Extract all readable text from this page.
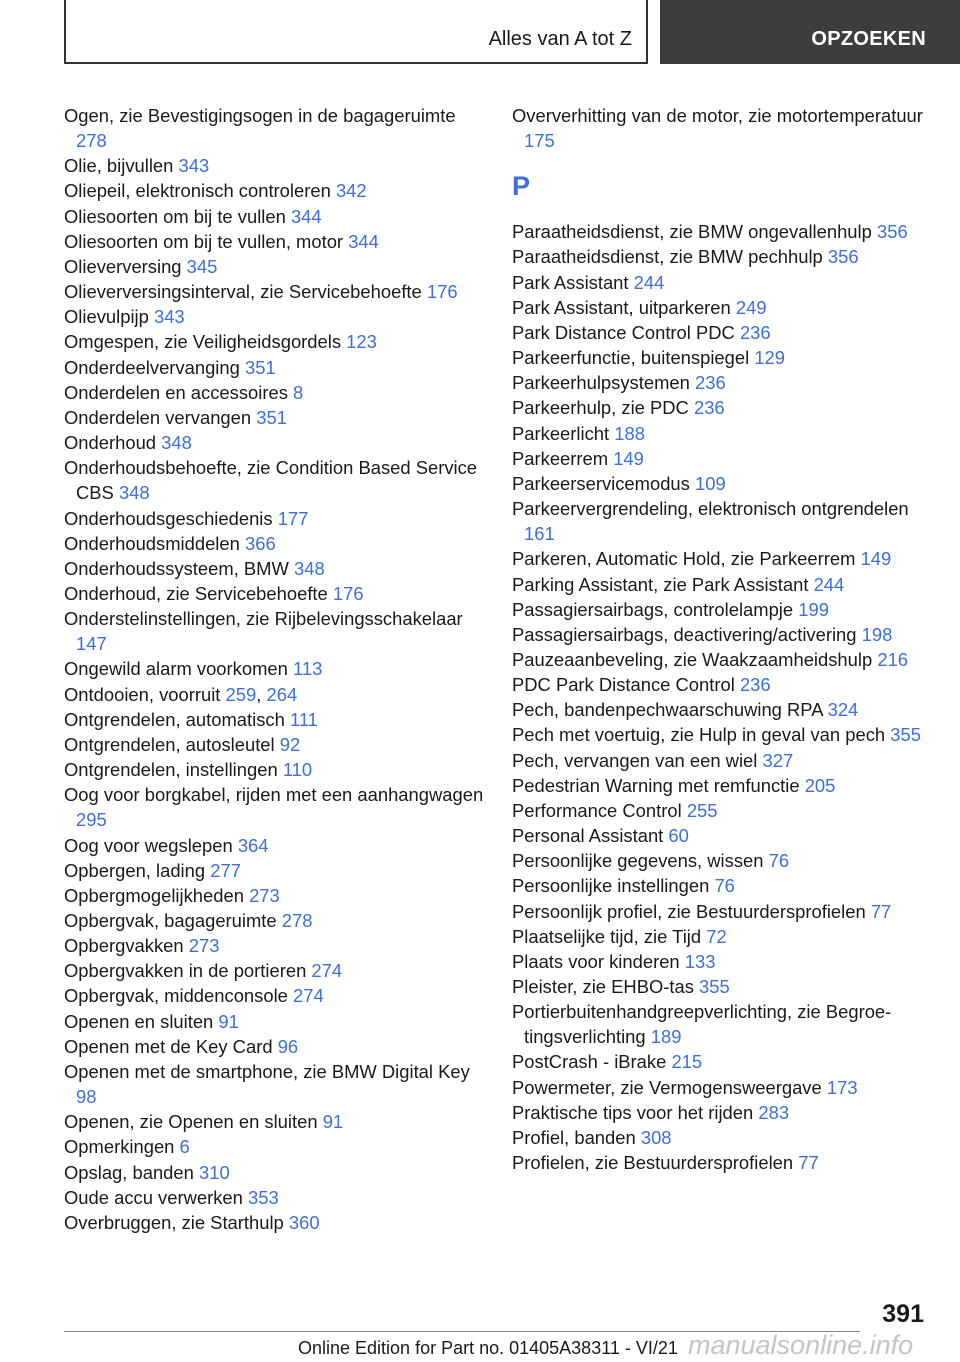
Alles van A tot Z	OPZOEKEN
Ogen, zie Bevestigingsogen in de bagageruimte 278
Olie, bijvullen 343
Oliepeil, elektronisch controleren 342
Oliesoorten om bij te vullen 344
Oliesoorten om bij te vullen, motor 344
Olieverversing 345
Olieverversingsinterval, zie Servicebehoefte 176
Olievulpijp 343
Omgespen, zie Veiligheidsgordels 123
Onderdeelvervanging 351
Onderdelen en accessoires 8
Onderdelen vervangen 351
Onderhoud 348
Onderhoudsbehoefte, zie Condition Based Service CBS 348
Onderhoudsgeschiedenis 177
Onderhoudsmiddelen 366
Onderhoudssysteem, BMW 348
Onderhoud, zie Servicebehoefte 176
Onderstelinstellingen, zie Rijbelevingsschakelaar 147
Ongewild alarm voorkomen 113
Ontdooien, voorruit 259, 264
Ontgrendelen, automatisch 111
Ontgrendelen, autosleutel 92
Ontgrendelen, instellingen 110
Oog voor borgkabel, rijden met een aanhangwagen 295
Oog voor wegslepen 364
Opbergen, lading 277
Opbergmogelijkheden 273
Opbergvak, bagageruimte 278
Opbergvakken 273
Opbergvakken in de portieren 274
Opbergvak, middenconsole 274
Openen en sluiten 91
Openen met de Key Card 96
Openen met de smartphone, zie BMW Digital Key 98
Openen, zie Openen en sluiten 91
Opmerkingen 6
Opslag, banden 310
Oude accu verwerken 353
Overbruggen, zie Starthulp 360
Oververhitting van de motor, zie motortemperatuur 175
P
Paraatheidsdienst, zie BMW ongevallenhulp 356
Paraatheidsdienst, zie BMW pechhulp 356
Park Assistant 244
Park Assistant, uitparkeren 249
Park Distance Control PDC 236
Parkeerfunctie, buitenspiegel 129
Parkeerhulpsystemen 236
Parkeerhulp, zie PDC 236
Parkeerlicht 188
Parkeerrem 149
Parkeerservicemodus 109
Parkeervergrendeling, elektronisch ontgrendelen 161
Parkeren, Automatic Hold, zie Parkeerrem 149
Parking Assistant, zie Park Assistant 244
Passagiersairbags, controlelampje 199
Passagiersairbags, deactivering/activering 198
Pauzeaanbeveling, zie Waakzaamheidshulp 216
PDC Park Distance Control 236
Pech, bandenpechwaarschuwing RPA 324
Pech met voertuig, zie Hulp in geval van pech 355
Pech, vervangen van een wiel 327
Pedestrian Warning met remfunctie 205
Performance Control 255
Personal Assistant 60
Persoonlijke gegevens, wissen 76
Persoonlijke instellingen 76
Persoonlijk profiel, zie Bestuurdersprofielen 77
Plaatselijke tijd, zie Tijd 72
Plaats voor kinderen 133
Pleister, zie EHBO-tas 355
Portierbuitenhandgreepverlichting, zie Begroetingsverlichting 189
PostCrash - iBrake 215
Powermeter, zie Vermogensweergave 173
Praktische tips voor het rijden 283
Profiel, banden 308
Profielen, zie Bestuurdersprofielen 77
391
Online Edition for Part no. 01405A38311 - VI/21 manualsonline.info
